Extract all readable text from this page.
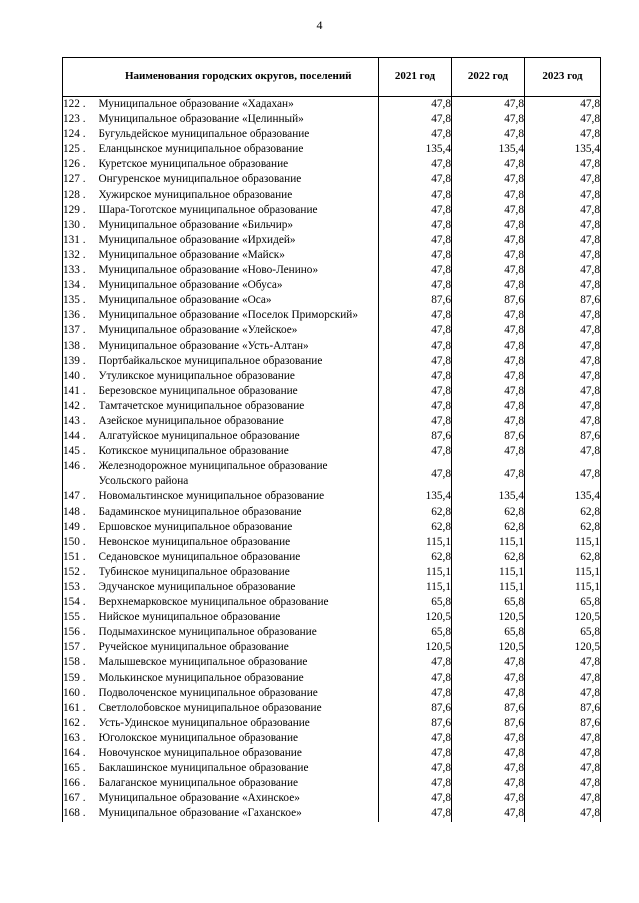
4
	Наименования городских округов, поселений	2021 год	2022 год	2023 год
122 .	Муниципальное образование «Хадахан»	47,8	47,8	47,8
123 .	Муниципальное образование «Целинный»	47,8	47,8	47,8
124 .	Бугульдейское муниципальное образование	47,8	47,8	47,8
125 .	Еланцынское муниципальное образование	135,4	135,4	135,4
126 .	Куретское муниципальное образование	47,8	47,8	47,8
127 .	Онгуренское муниципальное образование	47,8	47,8	47,8
128 .	Хужирское муниципальное образование	47,8	47,8	47,8
129 .	Шара-Тоготское муниципальное образование	47,8	47,8	47,8
130 .	Муниципальное образование «Бильчир»	47,8	47,8	47,8
131 .	Муниципальное образование «Ирхидей»	47,8	47,8	47,8
132 .	Муниципальное образование «Майск»	47,8	47,8	47,8
133 .	Муниципальное образование «Ново-Ленино»	47,8	47,8	47,8
134 .	Муниципальное образование «Обуса»	47,8	47,8	47,8
135 .	Муниципальное образование «Оса»	87,6	87,6	87,6
136 .	Муниципальное образование «Поселок Приморский»	47,8	47,8	47,8
137 .	Муниципальное образование «Улейское»	47,8	47,8	47,8
138 .	Муниципальное образование «Усть-Алтан»	47,8	47,8	47,8
139 .	Портбайкальское муниципальное образование	47,8	47,8	47,8
140 .	Утуликское муниципальное образование	47,8	47,8	47,8
141 .	Березовское муниципальное образование	47,8	47,8	47,8
142 .	Тамтачетское муниципальное образование	47,8	47,8	47,8
143 .	Азейское муниципальное образование	47,8	47,8	47,8
144 .	Алгатуйское муниципальное образование	87,6	87,6	87,6
145 .	Котикское муниципальное образование	47,8	47,8	47,8
146 .	Железнодорожное муниципальное образование Усольского района	47,8	47,8	47,8
147 .	Новомальтинское муниципальное образование	135,4	135,4	135,4
148 .	Бадаминское муниципальное образование	62,8	62,8	62,8
149 .	Ершовское муниципальное образование	62,8	62,8	62,8
150 .	Невонское муниципальное образование	115,1	115,1	115,1
151 .	Седановское муниципальное образование	62,8	62,8	62,8
152 .	Тубинское муниципальное образование	115,1	115,1	115,1
153 .	Эдучанское муниципальное образование	115,1	115,1	115,1
154 .	Верхнемарковское муниципальное образование	65,8	65,8	65,8
155 .	Нийское муниципальное образование	120,5	120,5	120,5
156 .	Подымахинское муниципальное образование	65,8	65,8	65,8
157 .	Ручейское муниципальное образование	120,5	120,5	120,5
158 .	Малышевское муниципальное образование	47,8	47,8	47,8
159 .	Молькинское муниципальное образование	47,8	47,8	47,8
160 .	Подволоченское муниципальное образование	47,8	47,8	47,8
161 .	Светлолобовское муниципальное образование	87,6	87,6	87,6
162 .	Усть-Удинское муниципальное образование	87,6	87,6	87,6
163 .	Юголокское муниципальное образование	47,8	47,8	47,8
164 .	Новочунское муниципальное образование	47,8	47,8	47,8
165 .	Баклашинское муниципальное образование	47,8	47,8	47,8
166 .	Балаганское муниципальное образование	47,8	47,8	47,8
167 .	Муниципальное образование «Ахинское»	47,8	47,8	47,8
168 .	Муниципальное образование «Гаханское»	47,8	47,8	47,8
